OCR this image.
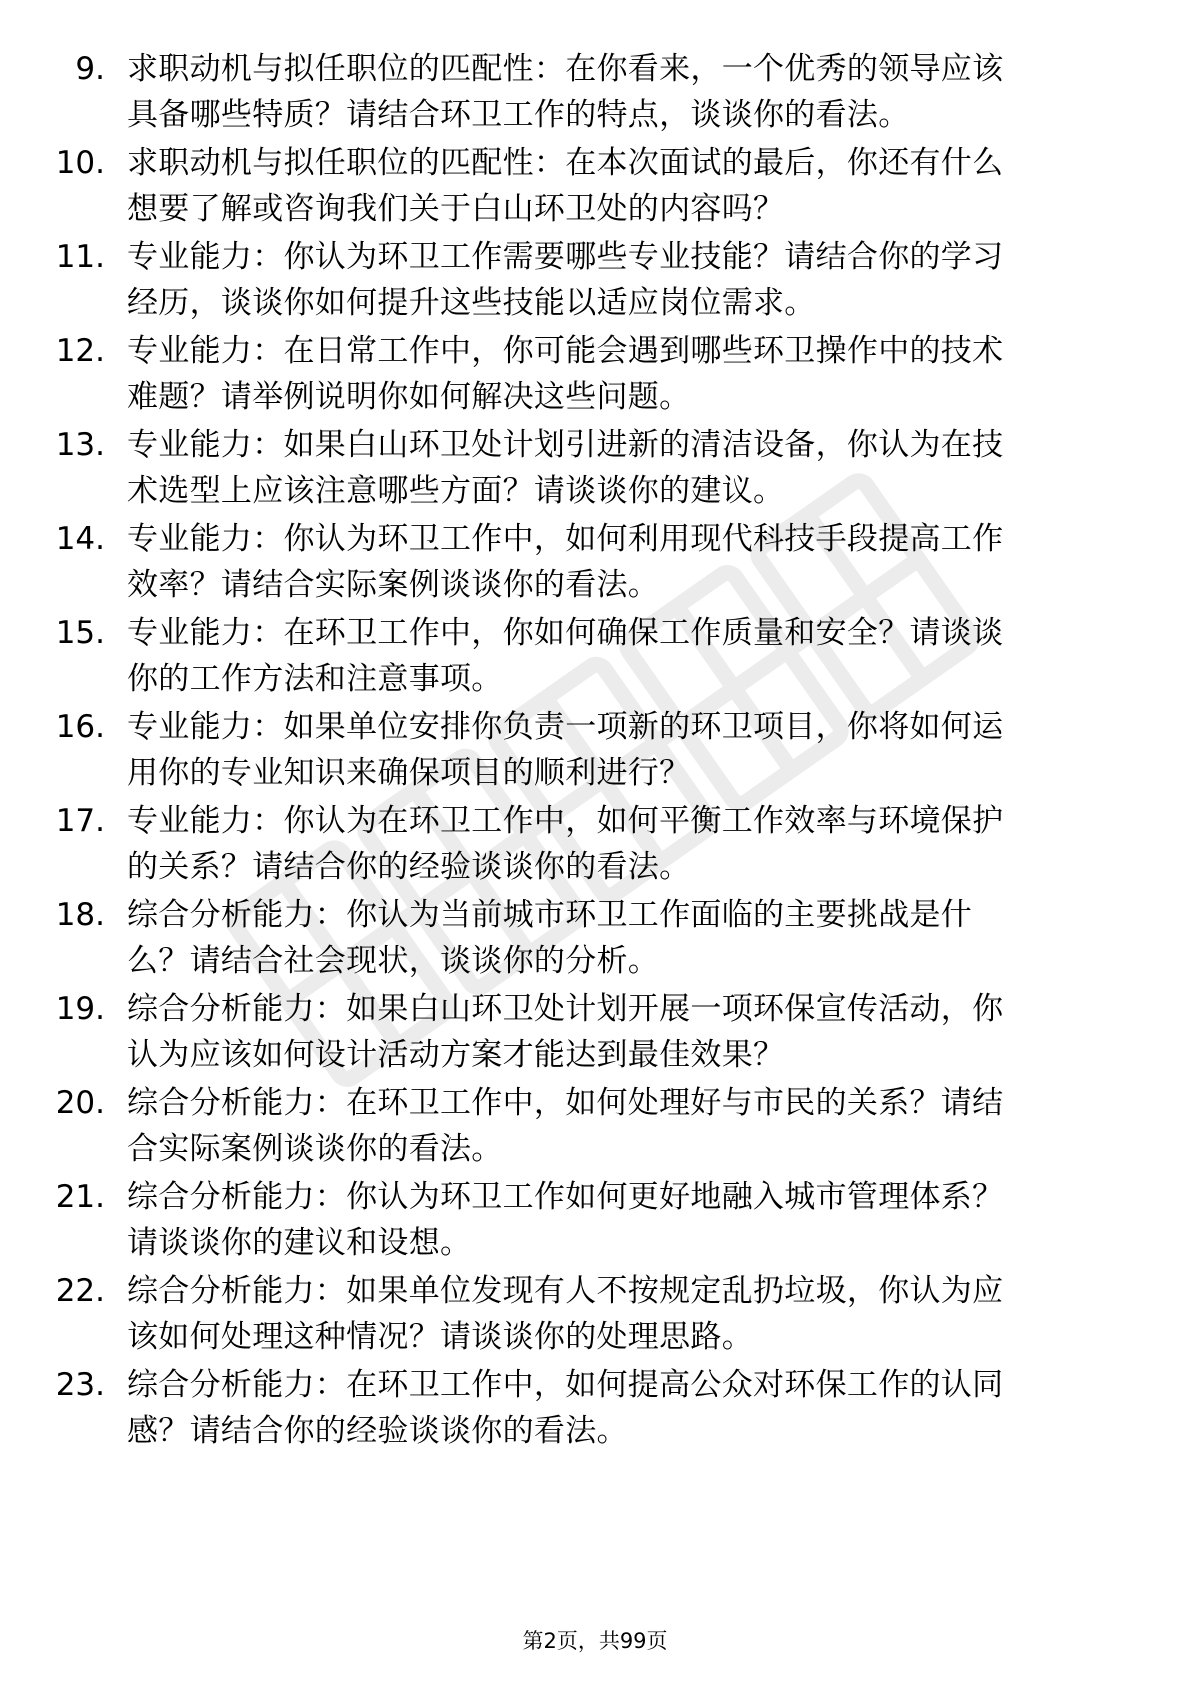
9. 求职动机与拟任职位的匹配性：在你看来，一个优秀的领导应该
具备哪些特质？请结合环卫工作的特点，谈谈你的看法。
10. 求职动机与拟任职位的匹配性：在本次面试的最后，你还有什么
想要了解或咨询我们关于白山环卫处的内容吗？
11. 专业能力：你认为环卫工作需要哪些专业技能？请结合你的学习
经历，谈谈你如何提升这些技能以适应岗位需求。
12. 专业能力：在日常工作中，你可能会遇到哪些环卫操作中的技术
难题？请举例说明你如何解决这些问题。
13. 专业能力：如果白山环卫处计划引进新的清洁设备，你认为在技
术选型上应该注意哪些方面？请谈谈你的建议。
14. 专业能力：你认为环卫工作中，如何利用现代科技手段提高工作
效率？请结合实际案例谈谈你的看法。
15. 专业能力：在环卫工作中，你如何确保工作质量和安全？请谈谈
你的工作方法和注意事项。
16. 专业能力：如果单位安排你负责一项新的环卫项目，你将如何运
用你的专业知识来确保项目的顺利进行？
17. 专业能力：你认为在环卫工作中，如何平衡工作效率与环境保护
的关系？请结合你的经验谈谈你的看法。
18. 综合分析能力：你认为当前城市环卫工作面临的主要挑战是什
么？请结合社会现状，谈谈你的分析。
19. 综合分析能力：如果白山环卫处计划开展一项环保宣传活动，你
认为应该如何设计活动方案才能达到最佳效果？
20. 综合分析能力：在环卫工作中，如何处理好与市民的关系？请结
合实际案例谈谈你的看法。
21. 综合分析能力：你认为环卫工作如何更好地融入城市管理体系？
请谈谈你的建议和设想。
22. 综合分析能力：如果单位发现有人不按规定乱扔垃圾，你认为应
该如何处理这种情况？请谈谈你的处理思路。
23. 综合分析能力：在环卫工作中，如何提高公众对环保工作的认同
感？请结合你的经验谈谈你的看法。
第2页，共99页
